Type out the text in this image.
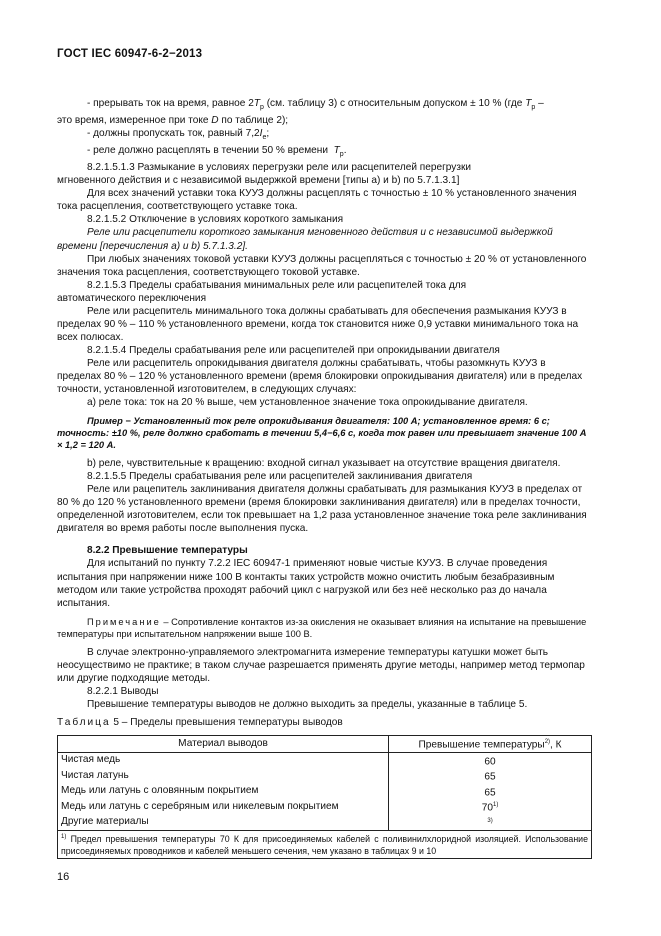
ГОСТ IEC 60947-6-2−2013

- прерывать ток на время, равное $2T_р$ (см. таблицу 3) с относительным допуском ± 10 % (где $T_р$ –

это время, измеренное при токе D по таблице 2);

- должны пропускать ток, равный $7,2I_e$;

- реле должно расцеплять в течении 50 % времени  $T_р$.

8.2.1.5.1.3 Размыкание в условиях перегрузки реле или расцепителей перегрузки

мгновенного действия и с независимой выдержкой времени [типы а) и b) по 5.7.1.3.1]

Для всех значений уставки тока КУУЗ должны расцеплять с точностью ± 10 % установленного значения тока расцепления, соответствующего уставке тока.

8.2.1.5.2 Отключение в условиях короткого замыкания

Реле или расцепители короткого замыкания мгновенного действия и с независимой выдержкой времени [перечисления а) и b) 5.7.1.3.2].

При любых значениях токовой уставки КУУЗ должны расцепляться с точностью ± 20 % от установленного значения тока расцепления, соответствующего токовой уставке.

8.2.1.5.3 Пределы срабатывания минимальных реле или расцепителей тока для

автоматического переключения

Реле или расцепитель минимального тока должны срабатывать для обеспечения размыкания КУУЗ в пределах 90 % – 110 % установленного времени, когда ток становится ниже 0,9 уставки минимального тока на всех полюсах.

8.2.1.5.4 Пределы срабатывания реле или расцепителей при опрокидывании двигателя

Реле или расцепитель опрокидывания двигателя должны срабатывать, чтобы разомкнуть КУУЗ в пределах 80 % – 120 % установленного времени (время блокировки опрокидывания двигателя) или в пределах точности, установленной изготовителем, в следующих случаях:

а) реле тока: ток на 20 % выше, чем установленное значение тока опрокидывание двигателя.

Пример − Установленный ток реле опрокидывания двигателя: 100 А; установленное время: 6 с; точность: ±10 %, реле должно сработать в течении 5,4−6,6 с, когда ток равен или превышает значение 100 А × 1,2 = 120 А.

b) реле, чувствительные к вращению: входной сигнал указывает на отсутствие вращения двигателя.

8.2.1.5.5 Пределы срабатывания реле или расцепителей заклинивания двигателя

Реле или рацепитель заклинивания двигателя должны срабатывать для размыкания КУУЗ в пределах от 80 % до 120 % установленного времени (время блокировки заклинивания двигателя) или в пределах точности, определенной изготовителем, если ток превышает на 1,2 раза установленное значение тока реле заклинивания двигателя во время работы после выполнения пуска.

8.2.2 Превышение температуры

Для испытаний по пункту 7.2.2 IEC 60947-1 применяют новые чистые КУУЗ. В случае проведения испытания при напряжении ниже 100 В контакты таких устройств можно очистить любым безабразивным методом или такие устройства проходят рабочий цикл с нагрузкой или без неё несколько раз до начала испытания.

Примечание – Сопротивление контактов из-за окисления не оказывает влияния на испытание на превышение температуры при испытательном напряжении выше 100 В.

В случае электронно-управляемого электромагнита измерение температуры катушки может быть неосуществимо не практике; в таком случае разрешается применять другие методы, например метод термопар или другие подходящие методы.

8.2.2.1 Выводы

Превышение температуры выводов не должно выходить за пределы, указанные в таблице 5.

Таблица 5 – Пределы превышения температуры выводов
Материал выводов	Превышение температуры$^{2)}$, К
Чистая медь	60
Чистая латунь	65
Медь или латунь с оловянным покрытием	65
Медь или латунь с серебряным или никелевым покрытием	70$^{1)}$
Другие материалы	$^{3)}$
$^{1)}$ Предел превышения температуры 70 К для присоединяемых кабелей с поливинилхлоридной изоляцией. Использование присоединяемых проводников и кабелей меньшего сечения, чем указано в таблицах 9 и 10	
16
